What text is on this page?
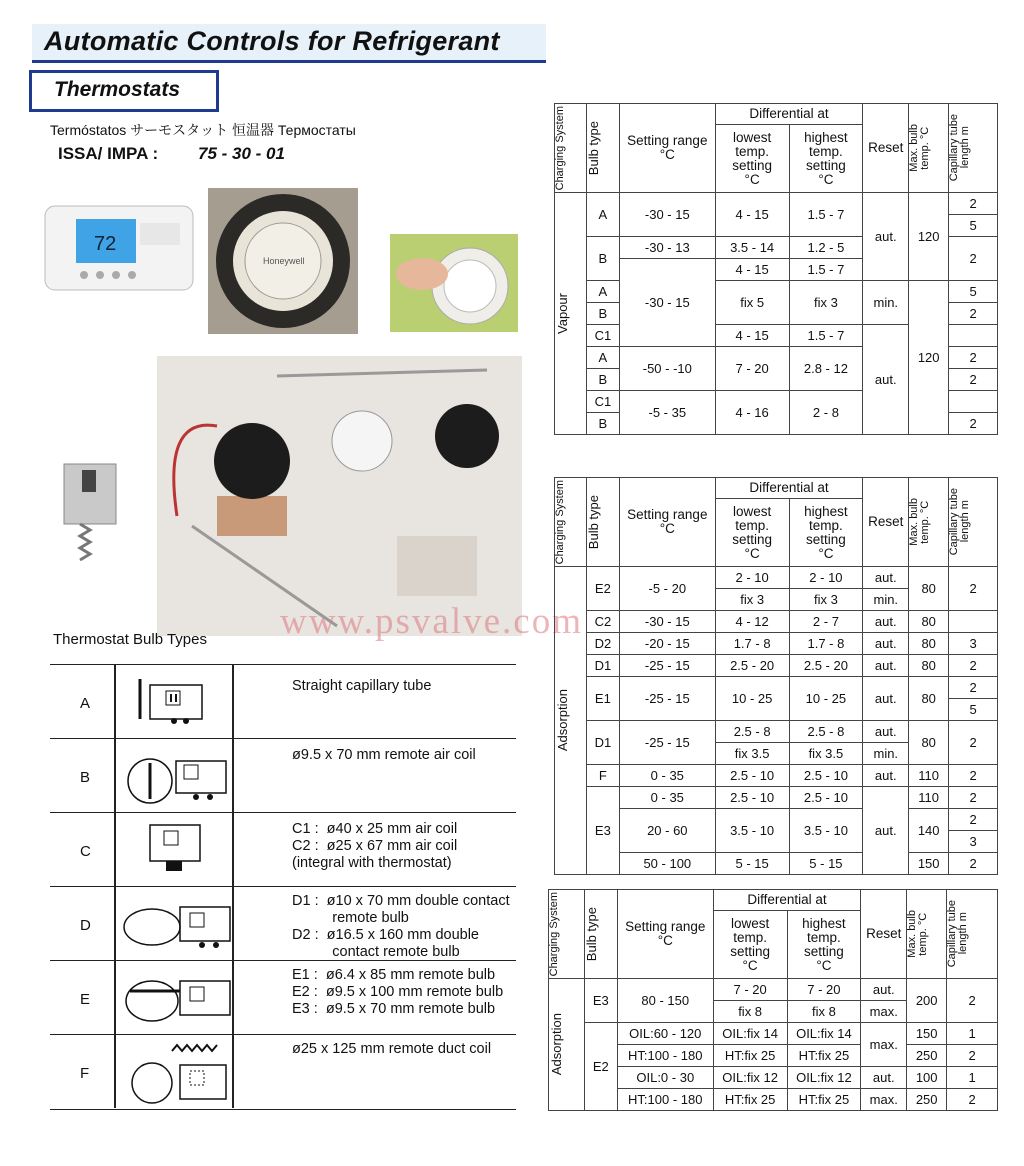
Automatic Controls for Refrigerant
Thermostats
Termóstatos サーモスタット 恒温器 Термостаты
ISSA/ IMPA : 75 - 30 - 01
72
Honeywell
www.psvalve.com
Thermostat Bulb Types
A
Straight capillary tube
B
ø9.5 x 70 mm remote air coil
C
C1 :  ø40 x 25 mm air coil
C2 :  ø25 x 67 mm air coil
(integral with thermostat)
D
D1 :  ø10 x 70 mm double contact
remote bulb
D2 :  ø16.5 x 160 mm double
contact remote bulb
E
E1 :  ø6.4 x 85 mm remote bulb
E2 :  ø9.5 x 100 mm remote bulb
E3 :  ø9.5 x 70 mm remote bulb
F
ø25 x 125 mm remote duct coil
Charging System	Bulb type	Setting range
°C	Differential at		Reset	Max. bulb
temp. °C	Capillary tube
length m

			lowest
temp.
setting
°C	highest
temp.
setting
°C			

Vapour	A	-30 - 15	4 - 15	1.5 - 7	aut.	120	2
							5
	B	-30 - 13	3.5 - 14	1.2 - 5			2
		-30 - 15	4 - 15	1.5 - 7			

	A		fix 5	fix 3	min.	120	5
	B						2
	C1		4 - 15	1.5 - 7	aut.		
	A	-50 - -10	7 - 20	2.8 - 12			2
	B						2
	C1	-5 - 35	4 - 16	2 - 8			
	B						2
Charging System	Bulb type	Setting range
°C	Differential at		Reset	Max. bulb
temp. °C	Capillary tube
length m

			lowest
temp.
setting
°C	highest
temp.
setting
°C			

Adsorption	E2	-5 - 20	2 - 10	2 - 10	aut.	80	2
			fix 3	fix 3	min.		
	C2	-30 - 15	4 - 12	2 - 7	aut.	80	
	D2	-20 - 15	1.7 - 8	1.7 - 8	aut.	80	3
	D1	-25 - 15	2.5 - 20	2.5 - 20	aut.	80	2
	E1	-25 - 15	10 - 25	10 - 25	aut.	80	2
							5
	D1	-25 - 15	2.5 - 8	2.5 - 8	aut.	80	2
			fix 3.5	fix 3.5	min.		
	F	0 - 35	2.5 - 10	2.5 - 10	aut.	110	2
	E3	0 - 35	2.5 - 10	2.5 - 10	aut.	110	2
		20 - 60	3.5 - 10	3.5 - 10		140	2
							3

		50 - 100	5 - 15	5 - 15		150	2
Charging System	Bulb type	Setting range
°C	Differential at		Reset	Max. bulb
temp. °C	Capillary tube
length m

			lowest
temp.
setting
°C	highest
temp.
setting
°C			

Adsorption	E3	80 - 150	7 - 20	7 - 20	aut.	200	2
			fix 8	fix 8	max.		
	E2	OIL:60 - 120	OIL:fix 14	OIL:fix 14	max.	150	1
		HT:100 - 180	HT:fix 25	HT:fix 25		250	2
		OIL:0 - 30	OIL:fix 12	OIL:fix 12	aut.	100	1
		HT:100 - 180	HT:fix 25	HT:fix 25	max.	250	2
